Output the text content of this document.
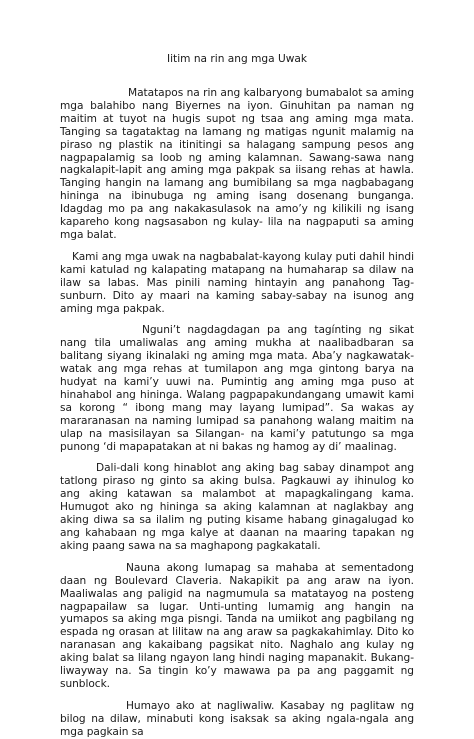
Iitim na rin ang mga Uwak

Matatapos na rin ang kalbaryong bumabalot sa aming mga balahibo nang Biyernes na iyon. Ginuhitan pa naman ng maitim at tuyot na hugis supot ng tsaa ang aming mga mata. Tanging sa tagataktag na lamang ng matigas ngunit malamig na piraso ng plastik na itinitingi sa halagang sampung pesos ang nagpapalamig sa loob ng aming kalamnan. Sawang-sawa nang nagkalapit-lapit ang aming mga pakpak sa iisang rehas at hawla. Tanging hangin na lamang ang bumibilang sa mga nagbabagang hininga na ibinubuga ng aming isang dosenang bunganga. Idagdag mo pa ang nakakasulasok na amo’y ng kilikili ng isang kapareho kong nagsasabon ng kulay- lila na nagpaputi sa aming mga balat.

Kami ang mga uwak na nagbabalat-kayong kulay puti dahil hindi kami katulad ng kalapating matapang na humaharap sa dilaw na ilaw sa labas. Mas pinili naming hintayin ang panahong Tag-sunburn. Dito ay maari na kaming sabay-sabay na isunog ang aming mga pakpak.

Nguni’t nagdagdagan pa ang tagínting ng sikat nang tila umaliwalas ang aming mukha at naalibadbaran sa balitang siyang ikinalaki ng aming mga mata. Aba’y nagkawatak-watak ang mga rehas at tumilapon ang mga gintong barya na hudyat na kami’y uuwi na. Pumintig ang aming mga puso at hinahabol ang hininga. Walang pagpapakundangang umawit kami sa korong “ ibong mang may layang lumipad”. Sa wakas ay mararanasan na naming lumipad sa panahong walang maitim na ulap na masisilayan sa Silangan- na kami’y patutungo sa mga punong ‘di mapapatakan at ni bakas ng hamog ay di’ maalinag.

Dali-dali kong hinablot ang aking bag sabay dinampot ang tatlong piraso ng ginto sa aking bulsa. Pagkauwi ay ihinulog ko ang aking katawan sa malambot at mapagkalingang kama. Humugot ako ng hininga sa aking kalamnan at naglakbay ang aking diwa sa sa ilalim ng puting kisame habang ginagalugad ko ang kahabaan ng mga kalye at daanan na maaring tapakan ng aking paang sawa na sa maghapong pagkakatali.

Nauna akong lumapag sa mahaba at sementadong daan ng Boulevard Claveria. Nakapikit pa ang araw na iyon. Maaliwalas ang paligid na nagmumula sa matatayog na posteng nagpapailaw sa lugar. Unti-unting lumamig ang hangin na yumapos sa aking mga pisngi. Tanda na umiikot ang pagbilang ng espada ng orasan at lilitaw na ang araw sa pagkakahimlay. Dito ko naranasan ang kakaibang pagsikat nito. Naghalo ang kulay ng aking balat sa lilang ngayon lang hindi naging mapanakit. Bukang-liwayway na. Sa tingin ko’y mawawa pa pa ang paggamit ng sunblock.

Humayo ako at nagliwaliw. Kasabay ng paglitaw ng bilog na dilaw, minabuti kong isaksak sa aking ngala-ngala ang mga pagkain sa
